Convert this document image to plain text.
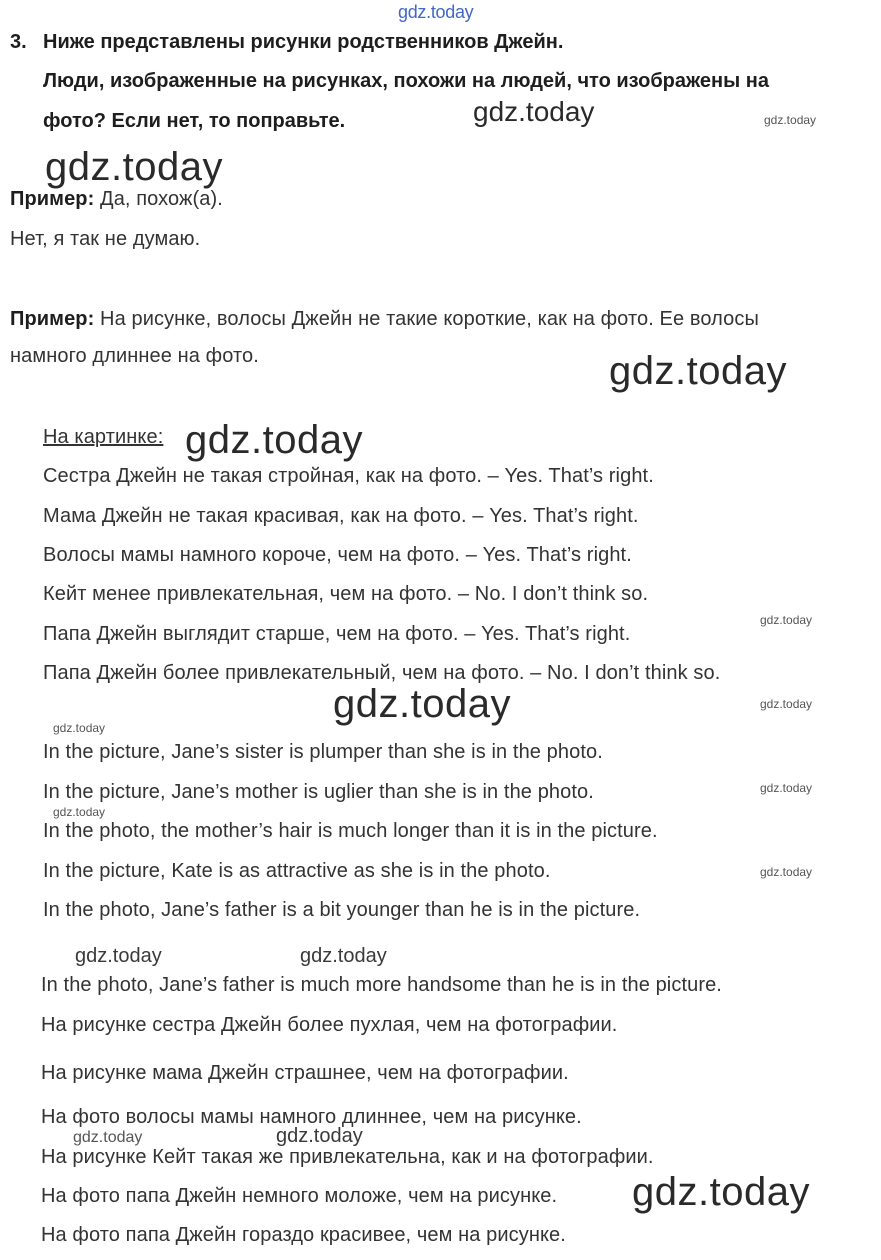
gdz.today
gdz.today	gdz.today
gdz.today
gdz.today
gdz.today
gdz.today
gdz.today	gdz.today
gdz.today
gdz.today
gdz.today
gdz.today
gdz.today	gdz.today
gdz.today	gdz.today
gdz.today
3. Ниже представлены рисунки родственников Джейн.
Люди, изображенные на рисунках, похожи на людей, что изображены на
фото? Если нет, то поправьте.
Пример: Да, похож(а).
Нет, я так не думаю.
Пример: На рисунке, волосы Джейн не такие короткие, как на фото. Ее волосы
намного длиннее на фото.
На картинке:
Сестра Джейн не такая стройная, как на фото. – Yes. That’s right.
Мама Джейн не такая красивая, как на фото. – Yes. That’s right.
Волосы мамы намного короче, чем на фото. – Yes. That’s right.
Кейт менее привлекательная, чем на фото. – No. I don’t think so.
Папа Джейн выглядит старше, чем на фото. – Yes. That’s right.
Папа Джейн более привлекательный, чем на фото. – No. I don’t think so.
In the picture, Jane’s sister is plumper than she is in the photo.
In the picture, Jane’s mother is uglier than she is in the photo.
In the photo, the mother’s hair is much longer than it is in the picture.
In the picture, Kate is as attractive as she is in the photo.
In the photo, Jane’s father is a bit younger than he is in the picture.
In the photo, Jane’s father is much more handsome than he is in the picture.
На рисунке сестра Джейн более пухлая, чем на фотографии.
На рисунке мама Джейн страшнее, чем на фотографии.
На фото волосы мамы намного длиннее, чем на рисунке.
На рисунке Кейт такая же привлекательна, как и на фотографии.
На фото папа Джейн немного моложе, чем на рисунке.
На фото папа Джейн гораздо красивее, чем на рисунке.
